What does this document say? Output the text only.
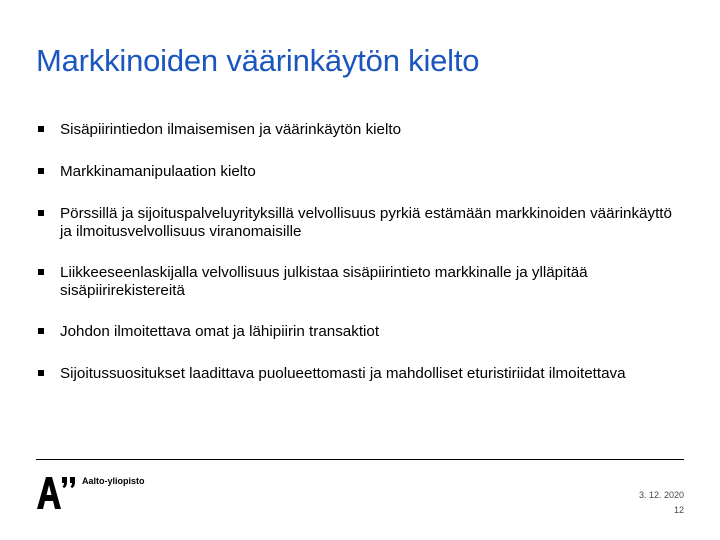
Markkinoiden väärinkäytön kielto
Sisäpiirintiedon ilmaisemisen ja väärinkäytön kielto
Markkinamanipulaation kielto
Pörssillä ja sijoituspalveluyrityksillä velvollisuus pyrkiä estämään markkinoiden väärinkäyttö ja ilmoitusvelvollisuus viranomaisille
Liikkeeseenlaskijalla velvollisuus julkistaa sisäpiirintieto markkinalle ja ylläpitää sisäpiirirekistereitä
Johdon ilmoitettava omat ja lähipiirin transaktiot
Sijoitussuositukset laadittava puolueettomasti ja mahdolliset eturistiriidat ilmoitettava
Aalto-yliopisto
3. 12. 2020
12
